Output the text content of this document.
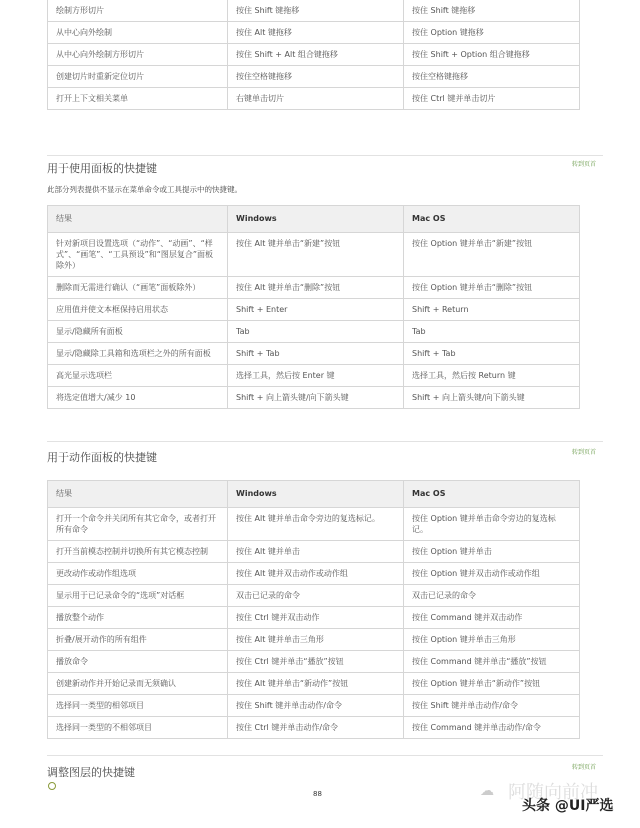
绘制方形切片	按住 Shift 键拖移	按住 Shift 键拖移
从中心向外绘制	按住 Alt 键拖移	按住 Option 键拖移
从中心向外绘制方形切片	按住 Shift + Alt 组合键拖移	按住 Shift + Option 组合键拖移
创建切片时重新定位切片	按住空格键拖移	按住空格键拖移
打开上下文相关菜单	右键单击切片	按住 Ctrl 键并单击切片
用于使用面板的快捷键	转到页首
此部分列表提供不显示在菜单命令或工具提示中的快捷键。
结果	Windows	Mac OS
针对新项目设置选项（“动作”、“动画”、“样式”、“画笔”、“工具预设”和“图层复合”面板除外）	按住 Alt 键并单击“新建”按钮	按住 Option 键并单击“新建”按钮
删除而无需进行确认（“画笔”面板除外）	按住 Alt 键并单击“删除”按钮	按住 Option 键并单击“删除”按钮
应用值并使文本框保持启用状态	Shift + Enter	Shift + Return
显示/隐藏所有面板	Tab	Tab
显示/隐藏除工具箱和选项栏之外的所有面板	Shift + Tab	Shift + Tab
高光显示选项栏	选择工具，然后按 Enter 键	选择工具，然后按 Return 键
将选定值增大/减少 10	Shift + 向上箭头键/向下箭头键	Shift + 向上箭头键/向下箭头键
用于动作面板的快捷键	转到页首
结果	Windows	Mac OS
打开一个命令并关闭所有其它命令，或者打开所有命令	按住 Alt 键并单击命令旁边的复选标记。	按住 Option 键并单击命令旁边的复选标记。
打开当前模态控制并切换所有其它模态控制	按住 Alt 键并单击	按住 Option 键并单击
更改动作或动作组选项	按住 Alt 键并双击动作或动作组	按住 Option 键并双击动作或动作组
显示用于已记录命令的“选项”对话框	双击已记录的命令	双击已记录的命令
播放整个动作	按住 Ctrl 键并双击动作	按住 Command 键并双击动作
折叠/展开动作的所有组件	按住 Alt 键并单击三角形	按住 Option 键并单击三角形
播放命令	按住 Ctrl 键并单击“播放”按钮	按住 Command 键并单击“播放”按钮
创建新动作并开始记录而无须确认	按住 Alt 键并单击“新动作”按钮	按住 Option 键并单击“新动作”按钮
选择同一类型的相邻项目	按住 Shift 键并单击动作/命令	按住 Shift 键并单击动作/命令
选择同一类型的不相邻项目	按住 Ctrl 键并单击动作/命令	按住 Command 键并单击动作/命令
调整图层的快捷键	转到页首
88	☁ 阿随向前冲
头条 @UI严选
